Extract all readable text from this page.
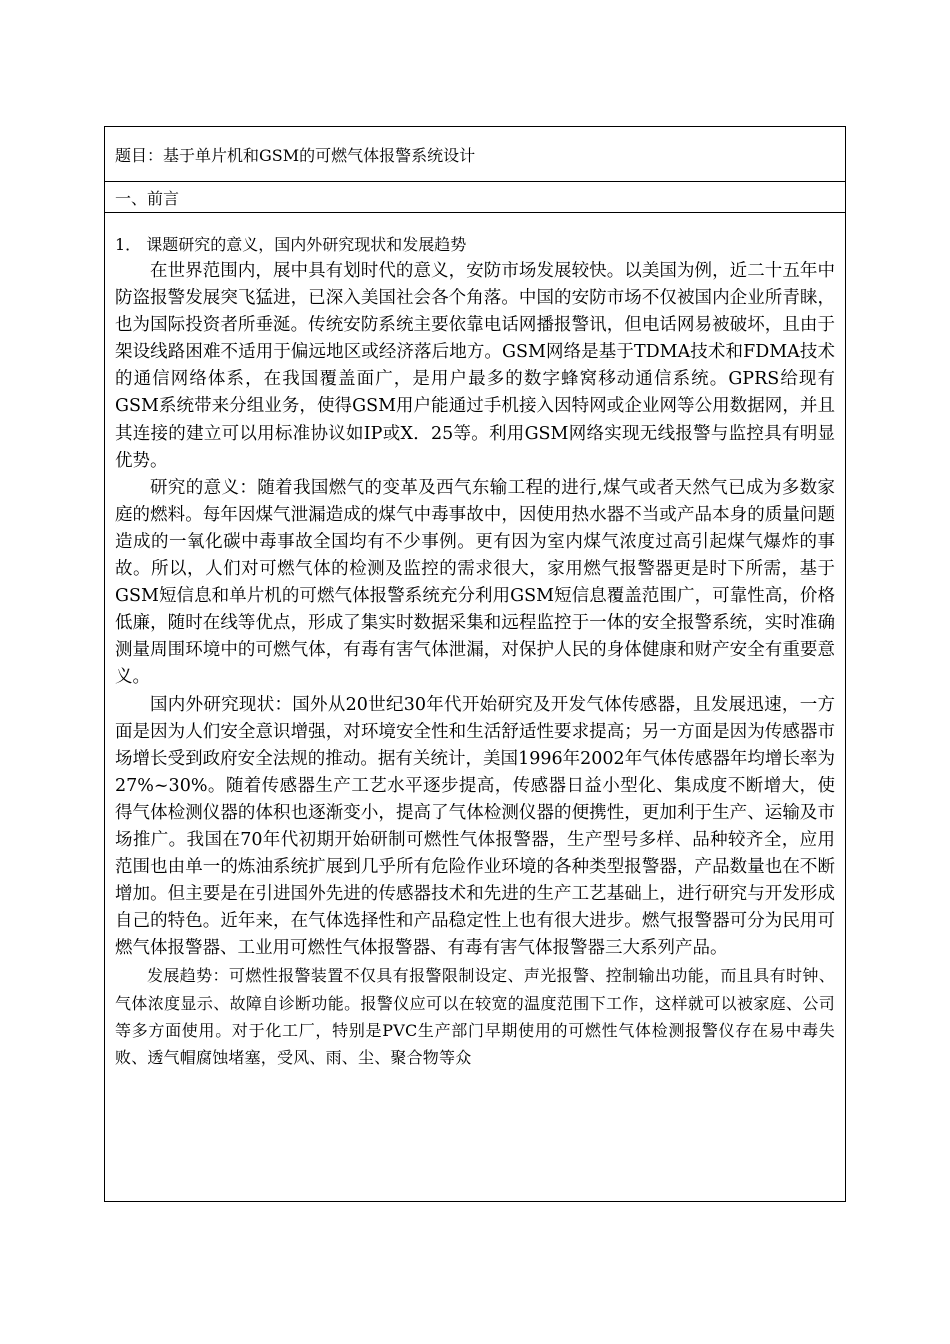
题目：基于单片机和GSM的可燃气体报警系统设计
一、前言

1． 课题研究的意义，国内外研究现状和发展趋势

在世界范围内，展中具有划时代的意义，安防市场发展较快。以美国为例，近二十五年中防盗报警发展突飞猛进，已深入美国社会各个角落。中国的安防市场不仅被国内企业所青睐，也为国际投资者所垂涎。传统安防系统主要依靠电话网播报警讯，但电话网易被破坏，且由于架设线路困难不适用于偏远地区或经济落后地方。GSM网络是基于TDMA技术和FDMA技术的通信网络体系，在我国覆盖面广，是用户最多的数字蜂窝移动通信系统。GPRS给现有GSM系统带来分组业务，使得GSM用户能通过手机接入因特网或企业网等公用数据网，并且其连接的建立可以用标准协议如IP或X．25等。利用GSM网络实现无线报警与监控具有明显优势。

研究的意义：随着我国燃气的变革及西气东输工程的进行,煤气或者天然气已成为多数家庭的燃料。每年因煤气泄漏造成的煤气中毒事故中，因使用热水器不当或产品本身的质量问题造成的一氧化碳中毒事故全国均有不少事例。更有因为室内煤气浓度过高引起煤气爆炸的事故。所以，人们对可燃气体的检测及监控的需求很大，家用燃气报警器更是时下所需，基于GSM短信息和单片机的可燃气体报警系统充分利用GSM短信息覆盖范围广，可靠性高，价格低廉，随时在线等优点，形成了集实时数据采集和远程监控于一体的安全报警系统，实时准确测量周围环境中的可燃气体，有毒有害气体泄漏，对保护人民的身体健康和财产安全有重要意义。

国内外研究现状：国外从20世纪30年代开始研究及开发气体传感器，且发展迅速，一方面是因为人们安全意识增强，对环境安全性和生活舒适性要求提高；另一方面是因为传感器市场增长受到政府安全法规的推动。据有关统计，美国1996年2002年气体传感器年均增长率为27%~30%。随着传感器生产工艺水平逐步提高，传感器日益小型化、集成度不断增大，使得气体检测仪器的体积也逐渐变小，提高了气体检测仪器的便携性，更加利于生产、运输及市场推广。我国在70年代初期开始研制可燃性气体报警器，生产型号多样、品种较齐全，应用范围也由单一的炼油系统扩展到几乎所有危险作业环境的各种类型报警器，产品数量也在不断增加。但主要是在引进国外先进的传感器技术和先进的生产工艺基础上，进行研究与开发形成自己的特色。近年来，在气体选择性和产品稳定性上也有很大进步。燃气报警器可分为民用可燃气体报警器、工业用可燃性气体报警器、有毒有害气体报警器三大系列产品。

发展趋势：可燃性报警装置不仅具有报警限制设定、声光报警、控制输出功能，而且具有时钟、气体浓度显示、故障自诊断功能。报警仪应可以在较宽的温度范围下工作，这样就可以被家庭、公司等多方面使用。对于化工厂，特别是PVC生产部门早期使用的可燃性气体检测报警仪存在易中毒失败、透气帽腐蚀堵塞，受风、雨、尘、聚合物等众
